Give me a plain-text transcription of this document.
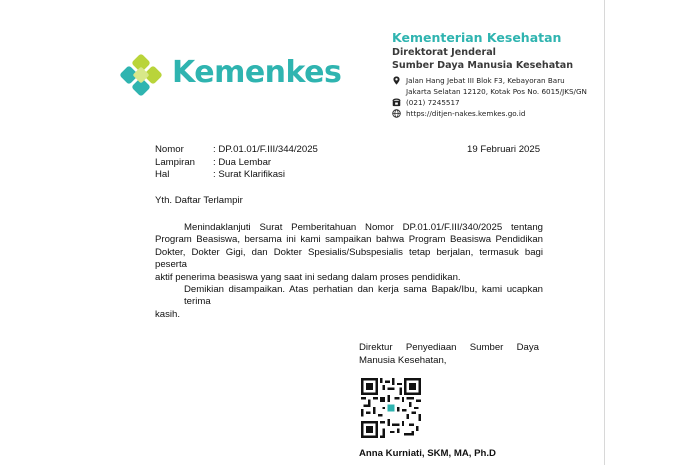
Kemenkes
Kementerian Kesehatan
Direktorat Jenderal
Sumber Daya Manusia Kesehatan
Jalan Hang Jebat III Blok F3, Kebayoran Baru
Jakarta Selatan 12120, Kotak Pos No. 6015/JKS/GN
(021) 7245517
https://ditjen-nakes.kemkes.go.id
Nomor	: DP.01.01/F.III/344/2025
Lampiran	: Dua Lembar
Hal	: Surat Klarifikasi
19 Februari 2025
Yth. Daftar Terlampir
Menindaklanjuti Surat Pemberitahuan Nomor DP.01.01/F.III/340/2025 tentang
Program Beasiswa, bersama ini kami sampaikan bahwa Program Beasiswa Pendidikan
Dokter, Dokter Gigi, dan Dokter Spesialis/Subspesialis tetap berjalan, termasuk bagi peserta
aktif penerima beasiswa yang saat ini sedang dalam proses pendidikan.
Demikian disampaikan. Atas perhatian dan kerja sama Bapak/Ibu, kami ucapkan terima
kasih.
Direktur Penyediaan Sumber Daya
Manusia Kesehatan,
Anna Kurniati, SKM, MA, Ph.D
